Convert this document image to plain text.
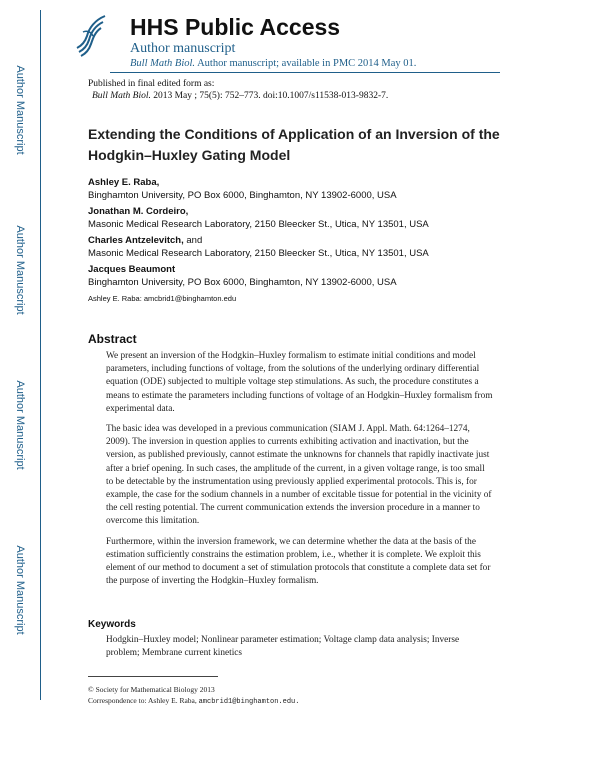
Author Manuscript
Author Manuscript
Author Manuscript
Author Manuscript
HHS Public Access
Author manuscript
Bull Math Biol. Author manuscript; available in PMC 2014 May 01.
Published in final edited form as:
Bull Math Biol. 2013 May ; 75(5): 752–773. doi:10.1007/s11538-013-9832-7.
Extending the Conditions of Application of an Inversion of the Hodgkin–Huxley Gating Model
Ashley E. Raba,
Binghamton University, PO Box 6000, Binghamton, NY 13902-6000, USA
Jonathan M. Cordeiro,
Masonic Medical Research Laboratory, 2150 Bleecker St., Utica, NY 13501, USA
Charles Antzelevitch, and
Masonic Medical Research Laboratory, 2150 Bleecker St., Utica, NY 13501, USA
Jacques Beaumont
Binghamton University, PO Box 6000, Binghamton, NY 13902-6000, USA
Ashley E. Raba: amcbrid1@binghamton.edu
Abstract

We present an inversion of the Hodgkin–Huxley formalism to estimate initial conditions and model parameters, including functions of voltage, from the solutions of the underlying ordinary differential equation (ODE) subjected to multiple voltage step stimulations. As such, the procedure constitutes a means to estimate the parameters including functions of voltage of an Hodgkin–Huxley formalism from experimental data.

The basic idea was developed in a previous communication (SIAM J. Appl. Math. 64:1264–1274, 2009). The inversion in question applies to currents exhibiting activation and inactivation, but the version, as published previously, cannot estimate the unknowns for channels that rapidly inactivate just after a brief opening. In such cases, the amplitude of the current, in a given voltage range, is too small to be detectable by the instrumentation using previously applied experimental protocols. This is, for example, the case for the sodium channels in a number of excitable tissue for potential in the vicinity of the cell resting potential. The current communication extends the inversion procedure in a manner to overcome this limitation.

Furthermore, within the inversion framework, we can determine whether the data at the basis of the estimation sufficiently constrains the estimation problem, i.e., whether it is complete. We exploit this element of our method to document a set of stimulation protocols that constitute a complete data set for the purpose of inverting the Hodgkin–Huxley formalism.

Keywords
Hodgkin–Huxley model; Nonlinear parameter estimation; Voltage clamp data analysis; Inverse problem; Membrane current kinetics
© Society for Mathematical Biology 2013
Correspondence to: Ashley E. Raba, amcbrid1@binghamton.edu.
